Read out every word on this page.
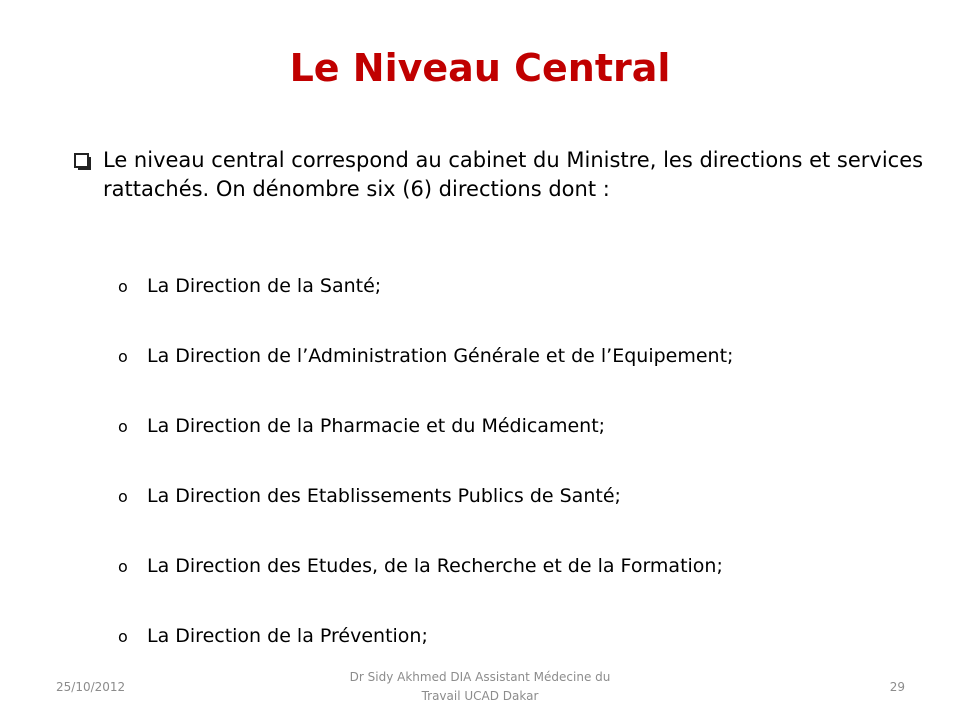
Le Niveau Central
Le niveau central correspond au cabinet du Ministre, les directions et services rattachés. On dénombre six (6) directions dont :
o	La Direction de la Santé;
o	La Direction de l’Administration Générale et de l’Equipement;
o	La Direction de la Pharmacie et du Médicament;
o	La Direction des Etablissements Publics de Santé;
o	La Direction des Etudes, de la Recherche et de la Formation;
o	La Direction de la Prévention;
25/10/2012
Dr Sidy Akhmed DIA Assistant Médecine du
Travail UCAD Dakar
29
